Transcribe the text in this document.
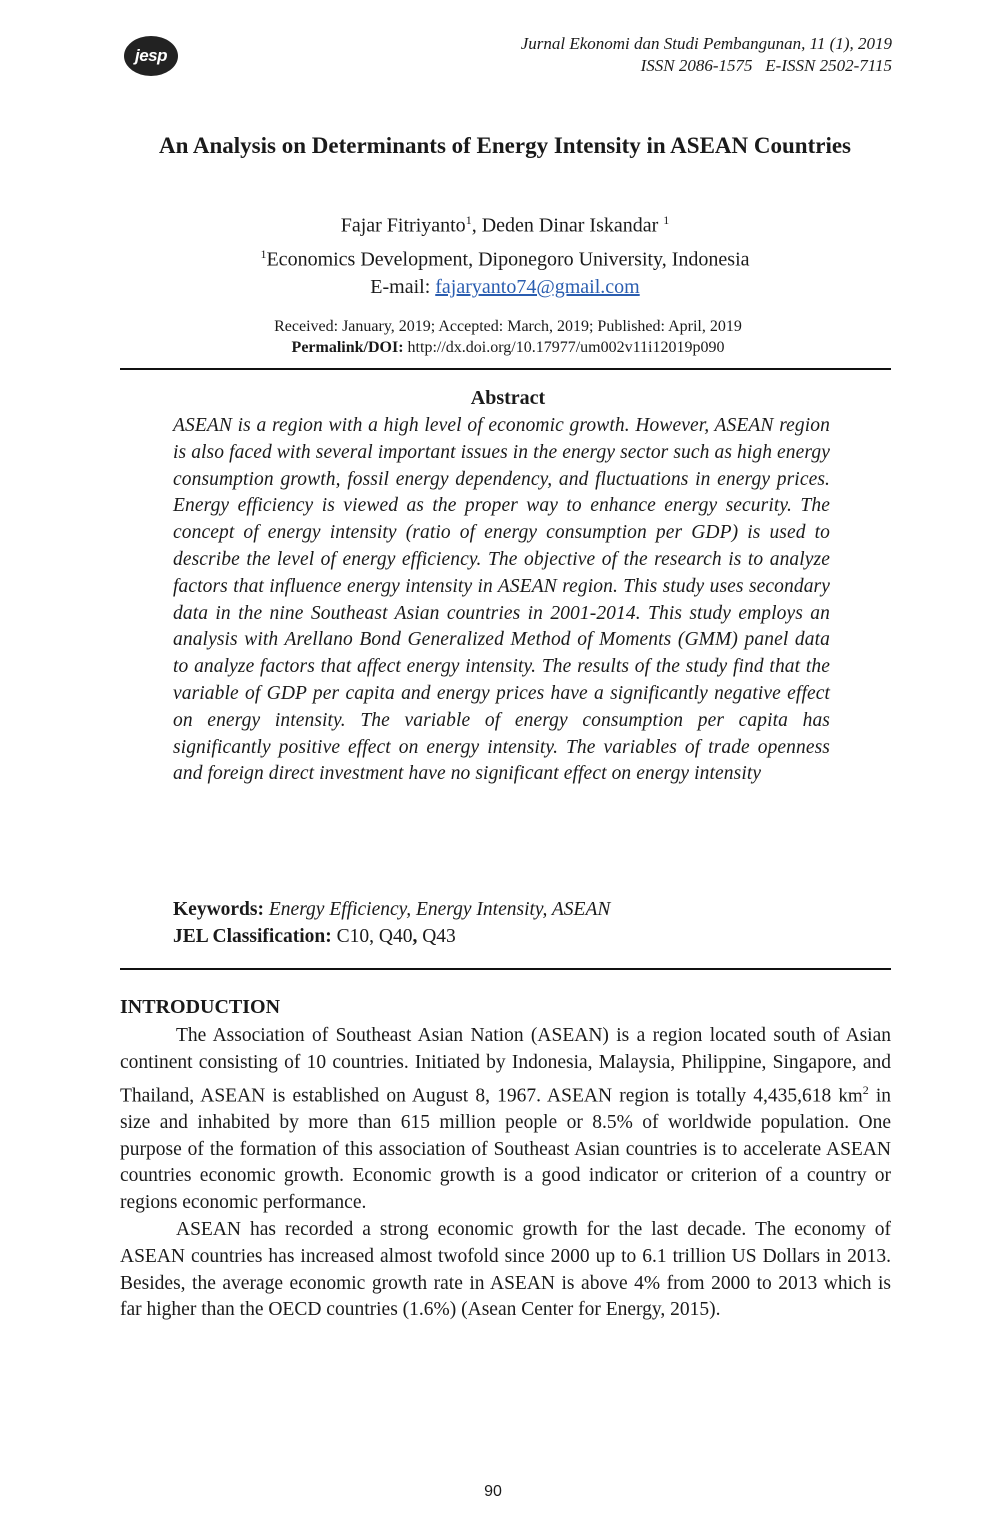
jesp
Jurnal Ekonomi dan Studi Pembangunan, 11 (1), 2019
ISSN 2086-1575   E-ISSN 2502-7115
An Analysis on Determinants of Energy Intensity in ASEAN Countries
Fajar Fitriyanto$^1$, Deden Dinar Iskandar $^1$
$^1$Economics Development, Diponegoro University, Indonesia
E-mail: fajaryanto74@gmail.com
Received: January, 2019; Accepted: March, 2019; Published: April, 2019
Permalink/DOI: http://dx.doi.org/10.17977/um002v11i12019p090
Abstract
ASEAN is a region with a high level of economic growth. However, ASEAN region is also faced with several important issues in the energy sector such as high energy consumption growth, fossil energy dependency, and fluctuations in energy prices. Energy efficiency is viewed as the proper way to enhance energy security. The concept of energy intensity (ratio of energy consumption per GDP) is used to describe the level of energy efficiency. The objective of the research is to analyze factors that influence energy intensity in ASEAN region. This study uses secondary data in the nine Southeast Asian countries in 2001-2014. This study employs an analysis with Arellano Bond Generalized Method of Moments (GMM) panel data to analyze factors that affect energy intensity. The results of the study find that the variable of GDP per capita and energy prices have a significantly negative effect on energy intensity. The variable of energy consumption per capita has significantly positive effect on energy intensity. The variables of trade openness and foreign direct investment have no significant effect on energy intensity
Keywords: Energy Efficiency, Energy Intensity, ASEAN
JEL Classification: C10, Q40, Q43
INTRODUCTION

The Association of Southeast Asian Nation (ASEAN) is a region located south of Asian continent consisting of 10 countries. Initiated by Indonesia, Malaysia, Philippine, Singapore, and Thailand, ASEAN is established on August 8, 1967. ASEAN region is totally 4,435,618 $km^2$ in size and inhabited by more than 615 million people or 8.5% of worldwide population. One purpose of the formation of this association of Southeast Asian countries is to accelerate ASEAN countries economic growth. Economic growth is a good indicator or criterion of a country or regions economic performance.

ASEAN has recorded a strong economic growth for the last decade. The economy of ASEAN countries has increased almost twofold since 2000 up to 6.1 trillion US Dollars in 2013. Besides, the average economic growth rate in ASEAN is above 4% from 2000 to 2013 which is far higher than the OECD countries (1.6%) (Asean Center for Energy, 2015).

90
